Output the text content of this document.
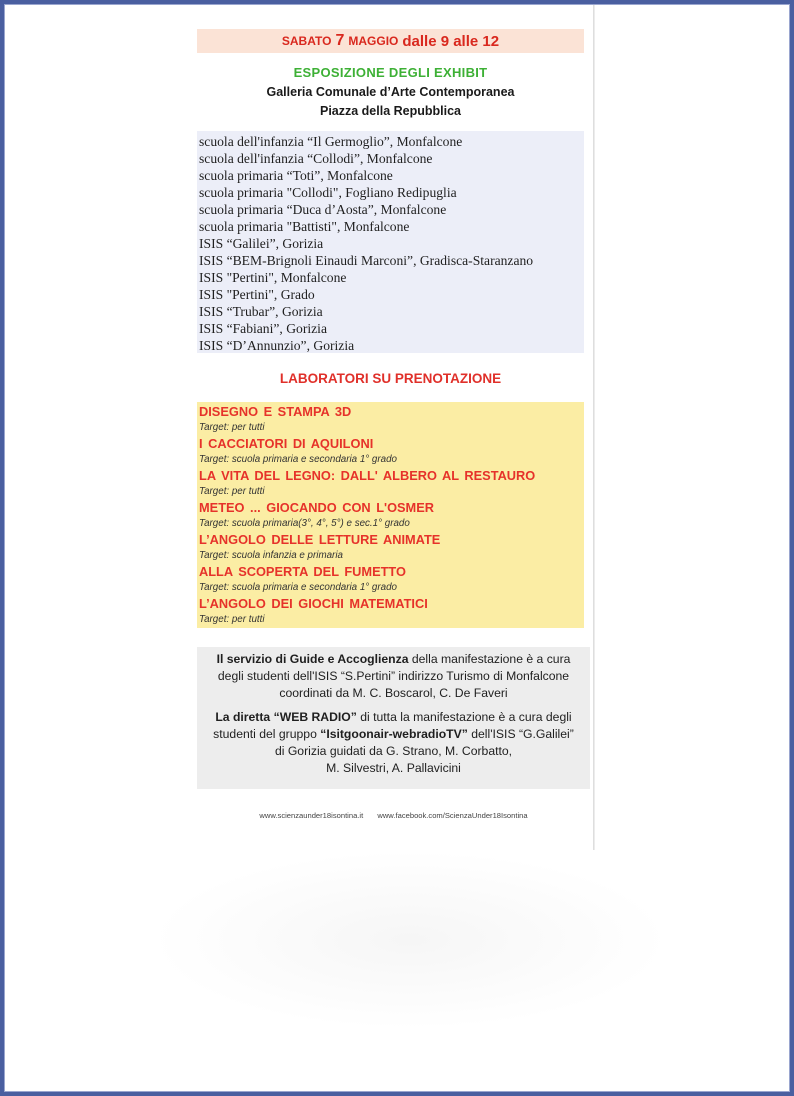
SABATO 7 MAGGIO dalle 9 alle 12
ESPOSIZIONE DEGLI EXHIBIT
Galleria Comunale d’Arte Contemporanea
Piazza della Repubblica
scuola dell'infanzia “Il Germoglio”, Monfalcone
scuola dell'infanzia “Collodi”, Monfalcone
scuola primaria “Toti”, Monfalcone
scuola primaria "Collodi", Fogliano Redipuglia
scuola primaria “Duca d’Aosta”, Monfalcone
scuola primaria "Battisti", Monfalcone
ISIS “Galilei”, Gorizia
ISIS “BEM-Brignoli Einaudi Marconi”, Gradisca-Staranzano
ISIS "Pertini", Monfalcone
ISIS "Pertini", Grado
ISIS “Trubar”, Gorizia
ISIS “Fabiani”, Gorizia
ISIS “D’Annunzio”, Gorizia
LABORATORI SU PRENOTAZIONE
DISEGNO E STAMPA 3D
Target: per tutti
I CACCIATORI DI AQUILONI
Target: scuola primaria e secondaria 1° grado
LA VITA DEL LEGNO: DALL' ALBERO AL RESTAURO
Target: per tutti
METEO ... GIOCANDO CON L'OSMER
Target: scuola primaria(3°, 4°, 5°) e sec.1° grado
L’ANGOLO DELLE LETTURE ANIMATE
Target: scuola infanzia e primaria
ALLA SCOPERTA DEL FUMETTO
Target: scuola primaria e secondaria 1° grado
L’ANGOLO DEI GIOCHI MATEMATICI
Target: per tutti
Il servizio di Guide e Accoglienza della manifestazione è a cura
degli studenti dell'ISIS “S.Pertini” indirizzo Turismo di Monfalcone
coordinati da M. C. Boscarol, C. De Faveri
La diretta “WEB RADIO” di tutta la manifestazione è a cura degli
studenti del gruppo “Isitgoonair-webradioTV” dell'ISIS “G.Galilei”
di Gorizia guidati da G. Strano, M. Corbatto,
M. Silvestri, A. Pallavicini
www.scienzaunder18isontina.it www.facebook.com/ScienzaUnder18Isontina
